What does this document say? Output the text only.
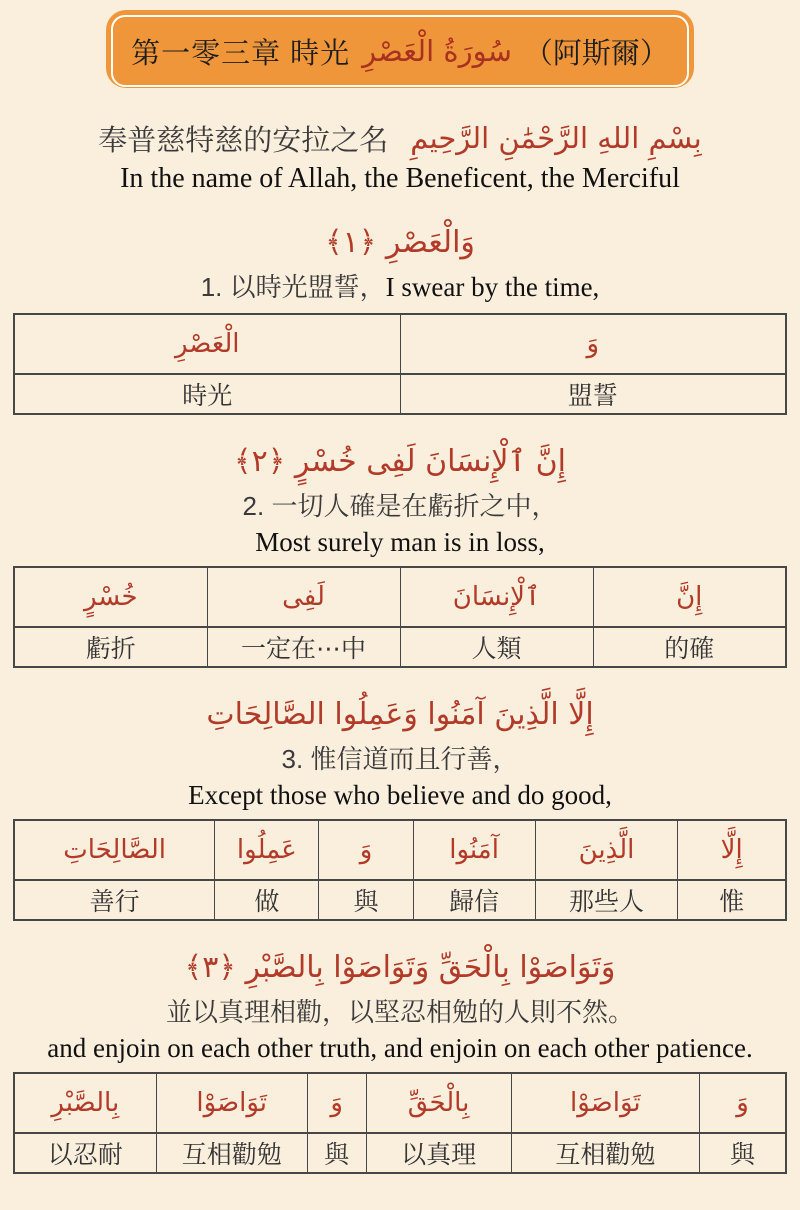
第一零三章 時光 سُورَةُ الْعَصْرِ （阿斯爾）
奉普慈特慈的安拉之名 بِسْمِ اللهِ الرَّحْمَٰنِ الرَّحِيمِ
In the name of Allah, the Beneficent, the Merciful
وَالْعَصْرِ ﴿١﴾
1. 以時光盟誓，I swear by the time,
الْعَصْرِ	وَ
時光	盟誓
إِنَّ ٱلْإِنسَانَ لَفِى خُسْرٍ ﴿٢﴾
2. 一切人確是在虧折之中，
Most surely man is in loss,
خُسْرٍ	لَفِى	ٱلْإِنسَانَ	إِنَّ
虧折	一定在⋯中	人類	的確
إِلَّا الَّذِينَ آمَنُوا وَعَمِلُوا الصَّالِحَاتِ
3. 惟信道而且行善，
Except those who believe and do good,
الصَّالِحَاتِ	عَمِلُوا	وَ	آمَنُوا	الَّذِينَ	إِلَّا
善行	做	與	歸信	那些人	惟
وَتَوَاصَوْا بِالْحَقِّ وَتَوَاصَوْا بِالصَّبْرِ ﴿٣﴾
並以真理相勸，以堅忍相勉的人則不然。
and enjoin on each other truth, and enjoin on each other patience.
بِالصَّبْرِ	تَوَاصَوْا	وَ	بِالْحَقِّ	تَوَاصَوْا	وَ
以忍耐	互相勸勉	與	以真理	互相勸勉	與
